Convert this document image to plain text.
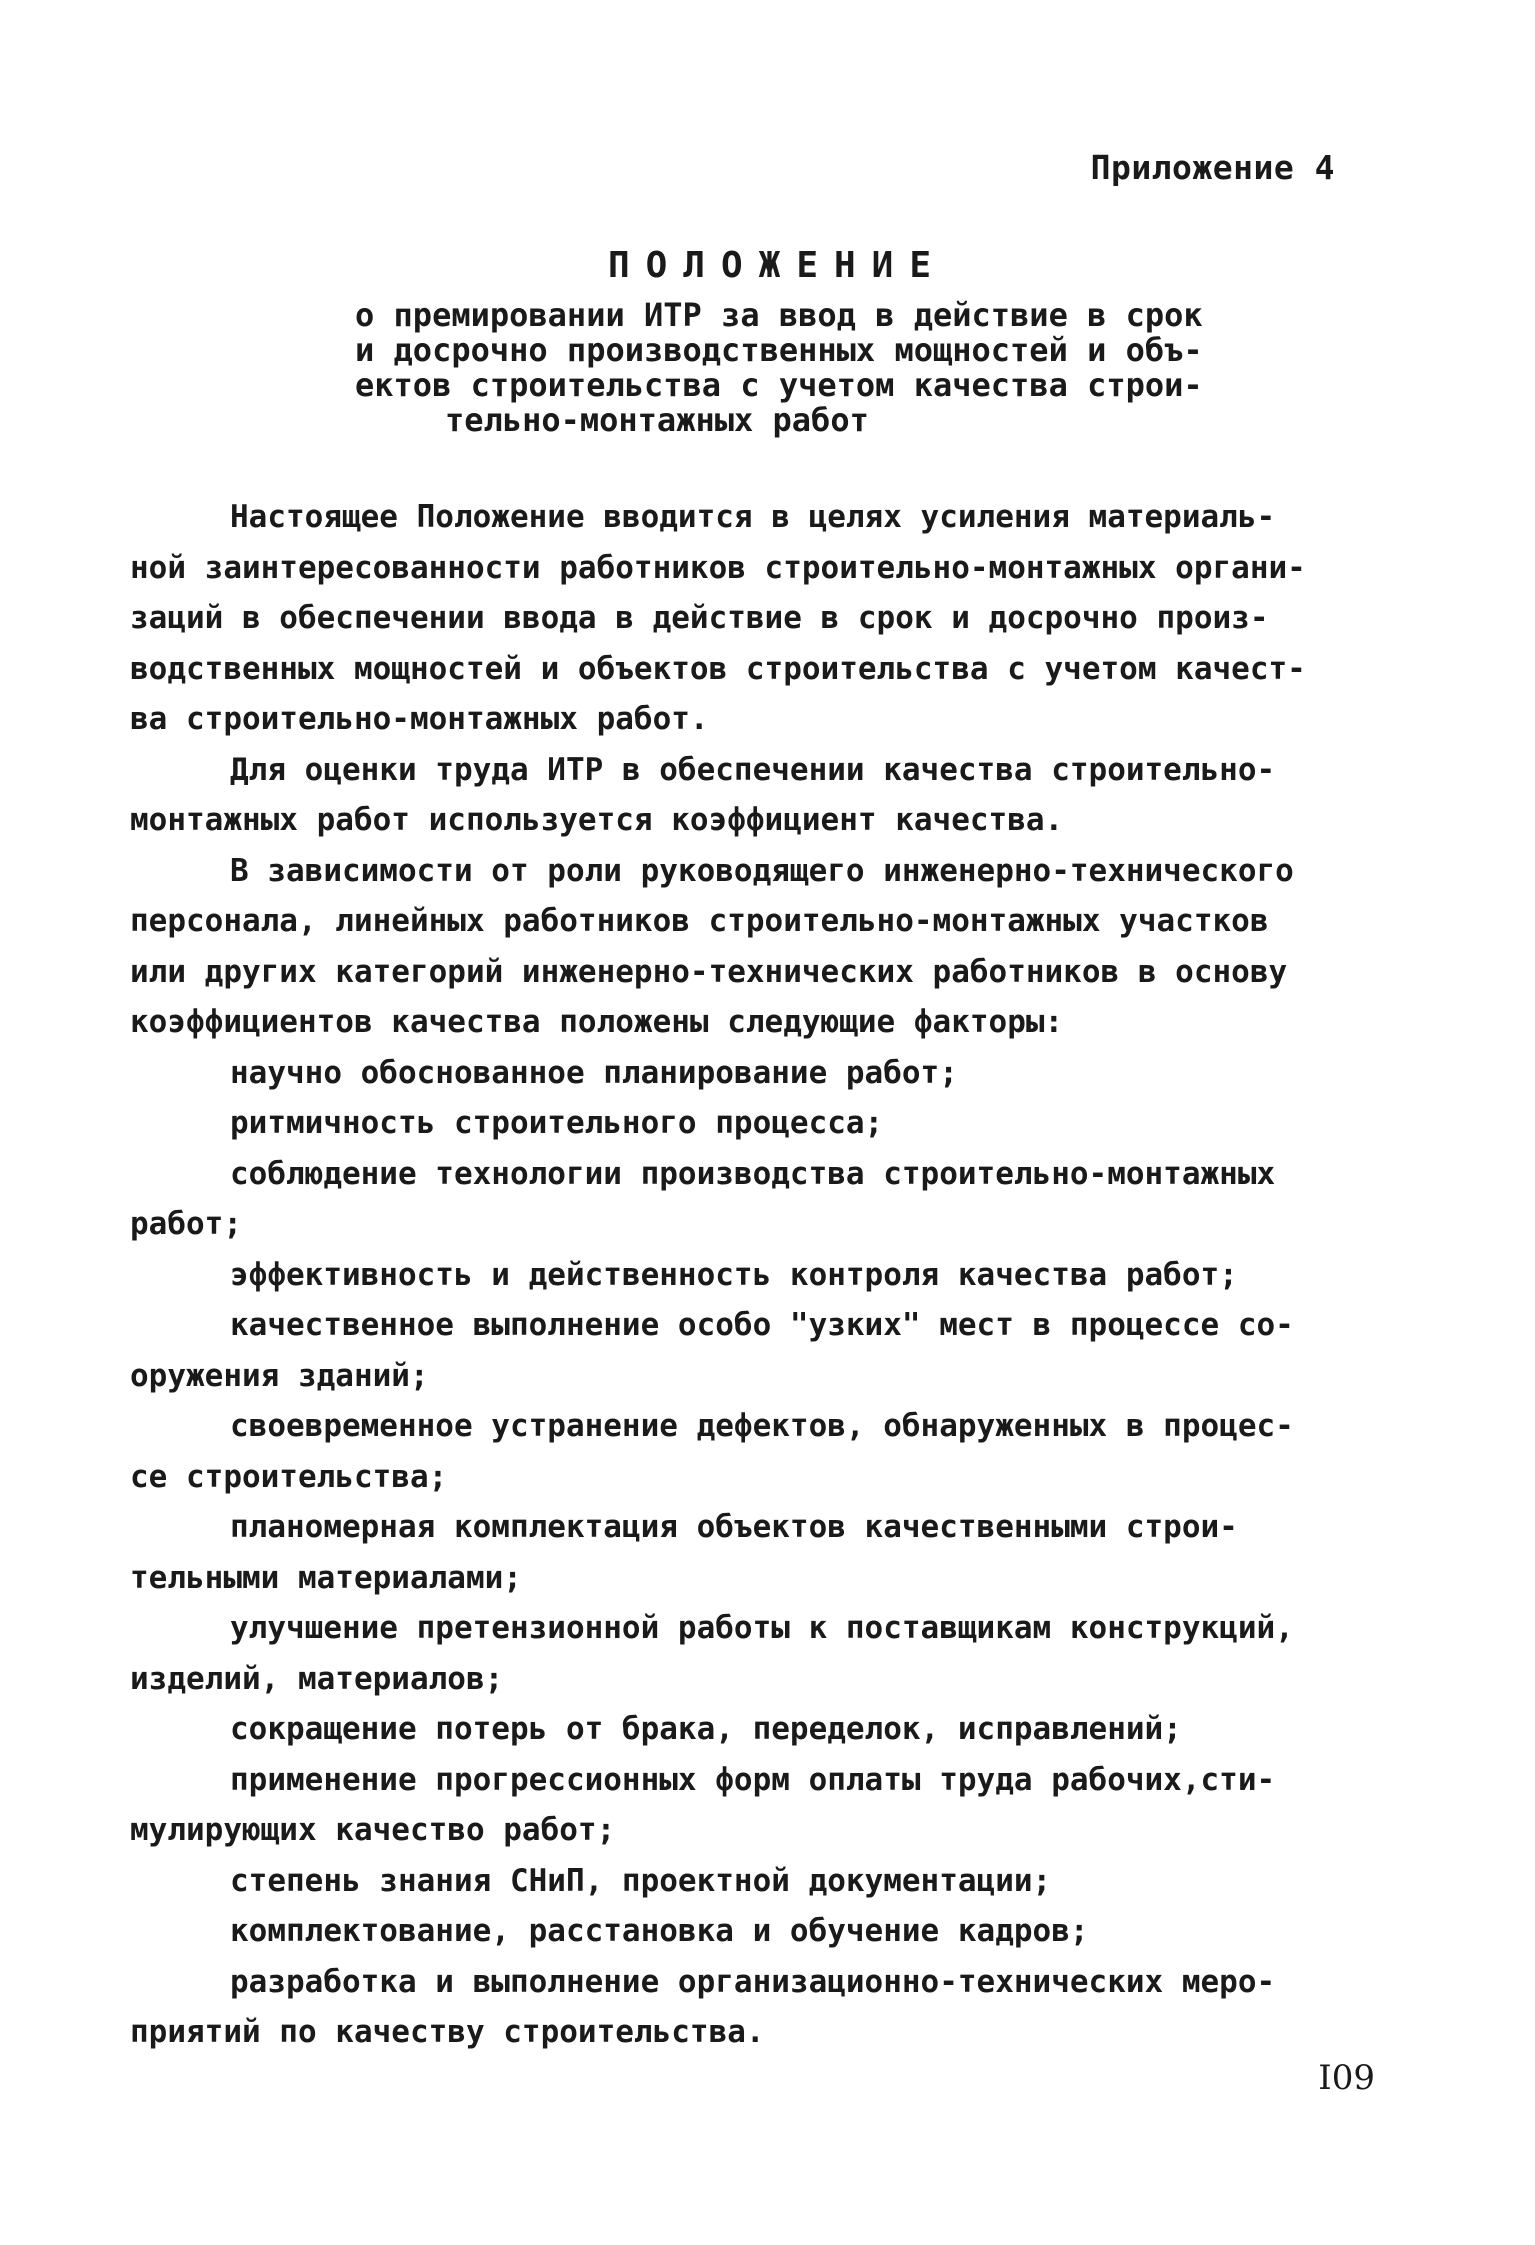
Приложение 4
ПОЛОЖЕНИЕ
о премировании ИТР за ввод в действие в срок
и досрочно производственных мощностей и объ-
ектов строительства с учетом качества строи-
тельно-монтажных работ
Настоящее Положение вводится в целях усиления материаль-
ной заинтересованности работников строительно-монтажных органи-
заций в обеспечении ввода в действие в срок и досрочно произ-
водственных мощностей и объектов строительства с учетом качест-
ва строительно-монтажных работ.
Для оценки труда ИТР в обеспечении качества строительно-
монтажных работ используется коэффициент качества.
В зависимости от роли руководящего инженерно-технического
персонала, линейных работников строительно-монтажных участков
или других категорий инженерно-технических работников в основу
коэффициентов качества положены следующие факторы:
научно обоснованное планирование работ;
ритмичность строительного процесса;
соблюдение технологии производства строительно-монтажных
работ;
эффективность и действенность контроля качества работ;
качественное выполнение особо "узких" мест в процессе со-
оружения зданий;
своевременное устранение дефектов, обнаруженных в процес-
се строительства;
планомерная комплектация объектов качественными строи-
тельными материалами;
улучшение претензионной работы к поставщикам конструкций,
изделий, материалов;
сокращение потерь от брака, переделок, исправлений;
применение прогрессионных форм оплаты труда рабочих,сти-
мулирующих качество работ;
степень знания СНиП, проектной документации;
комплектование, расстановка и обучение кадров;
разработка и выполнение организационно-технических меро-
приятий по качеству строительства.
I09
